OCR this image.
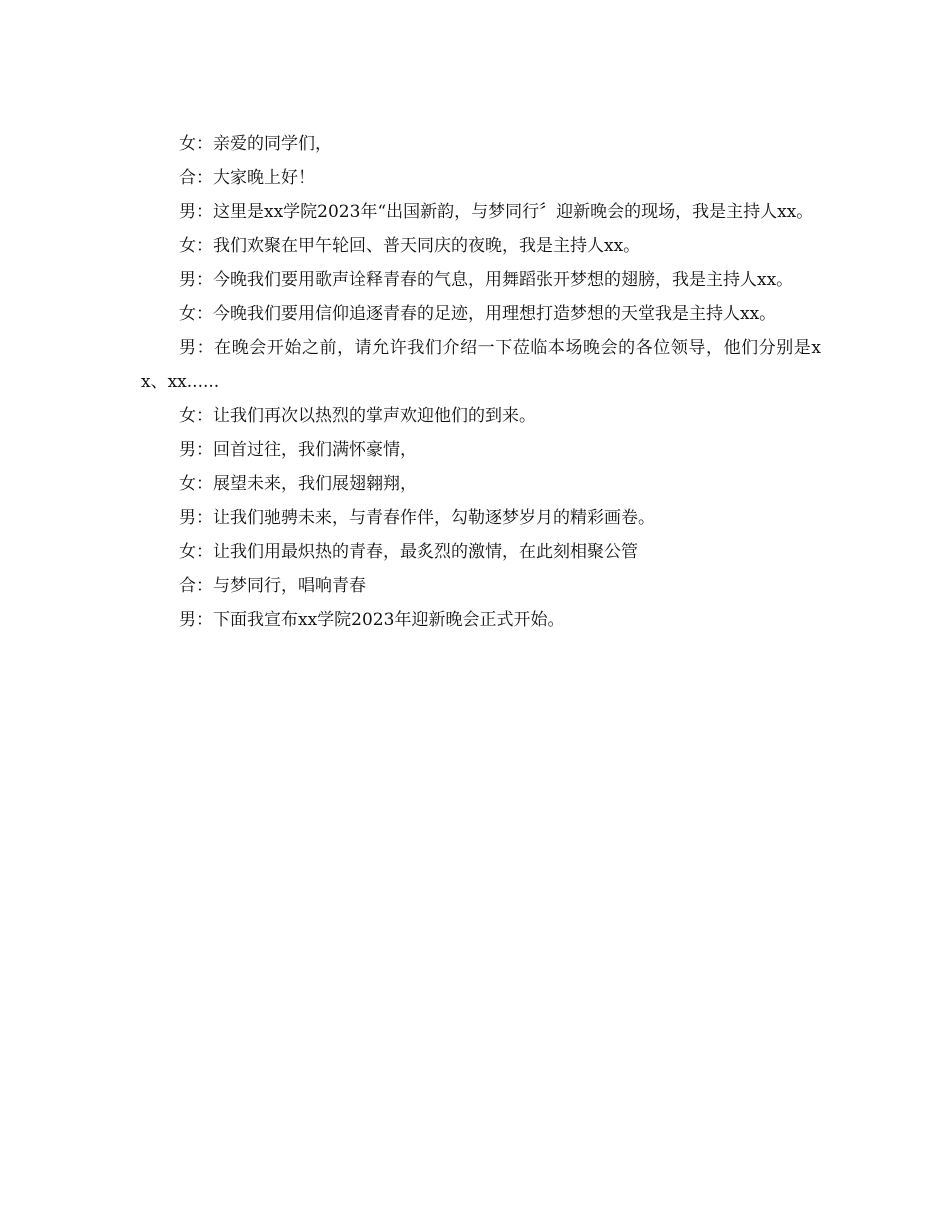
女：亲爱的同学们，

合：大家晚上好！

男：这里是xx学院2023年“出国新韵，与梦同行〞迎新晚会的现场，我是主持人xx。

女：我们欢聚在甲午轮回、普天同庆的夜晚，我是主持人xx。

男：今晚我们要用歌声诠释青春的气息，用舞蹈张开梦想的翅膀，我是主持人xx。

女：今晚我们要用信仰追逐青春的足迹，用理想打造梦想的天堂我是主持人xx。

男：在晚会开始之前，请允许我们介绍一下莅临本场晚会的各位领导，他们分别是xx、xx......

女：让我们再次以热烈的掌声欢迎他们的到来。

男：回首过往，我们满怀豪情，

女：展望未来，我们展翅翱翔，

男：让我们驰骋未来，与青春作伴，勾勒逐梦岁月的精彩画卷。

女：让我们用最炽热的青春，最炙烈的激情，在此刻相聚公管

合：与梦同行，唱响青春

男：下面我宣布xx学院2023年迎新晚会正式开始。
